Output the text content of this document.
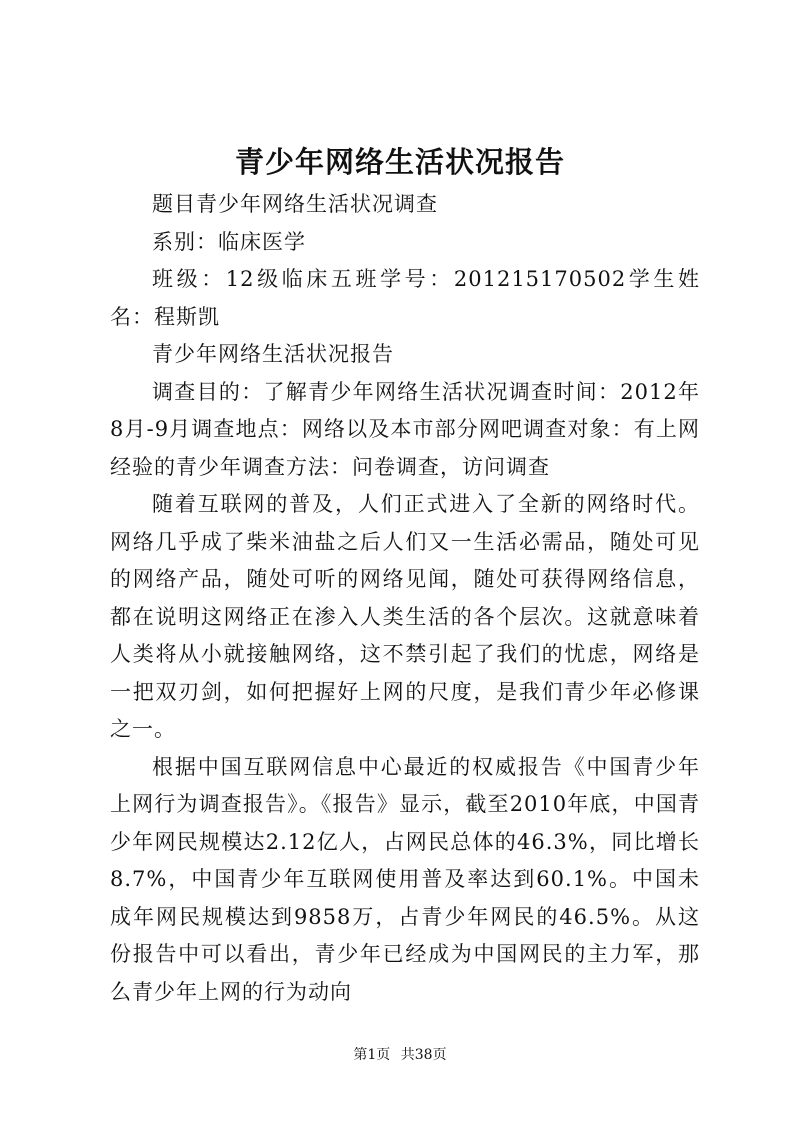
青少年网络生活状况报告

题目青少年网络生活状况调查

系别：临床医学

班级：12级临床五班学号：201215170502学生姓名：程斯凯

青少年网络生活状况报告

调查目的：了解青少年网络生活状况调查时间：2012年8月-9月调查地点：网络以及本市部分网吧调查对象：有上网经验的青少年调查方法：问卷调查，访问调查

随着互联网的普及，人们正式进入了全新的网络时代。网络几乎成了柴米油盐之后人们又一生活必需品，随处可见的网络产品，随处可听的网络见闻，随处可获得网络信息，都在说明这网络正在渗入人类生活的各个层次。这就意味着人类将从小就接触网络，这不禁引起了我们的忧虑，网络是一把双刃剑，如何把握好上网的尺度，是我们青少年必修课之一。

根据中国互联网信息中心最近的权威报告《中国青少年上网行为调查报告》。《报告》显示，截至2010年底，中国青少年网民规模达2.12亿人，占网民总体的46.3%，同比增长8.7%，中国青少年互联网使用普及率达到60.1%。中国未成年网民规模达到9858万，占青少年网民的46.5%。从这份报告中可以看出，青少年已经成为中国网民的主力军，那么青少年上网的行为动向

第1页 共38页
